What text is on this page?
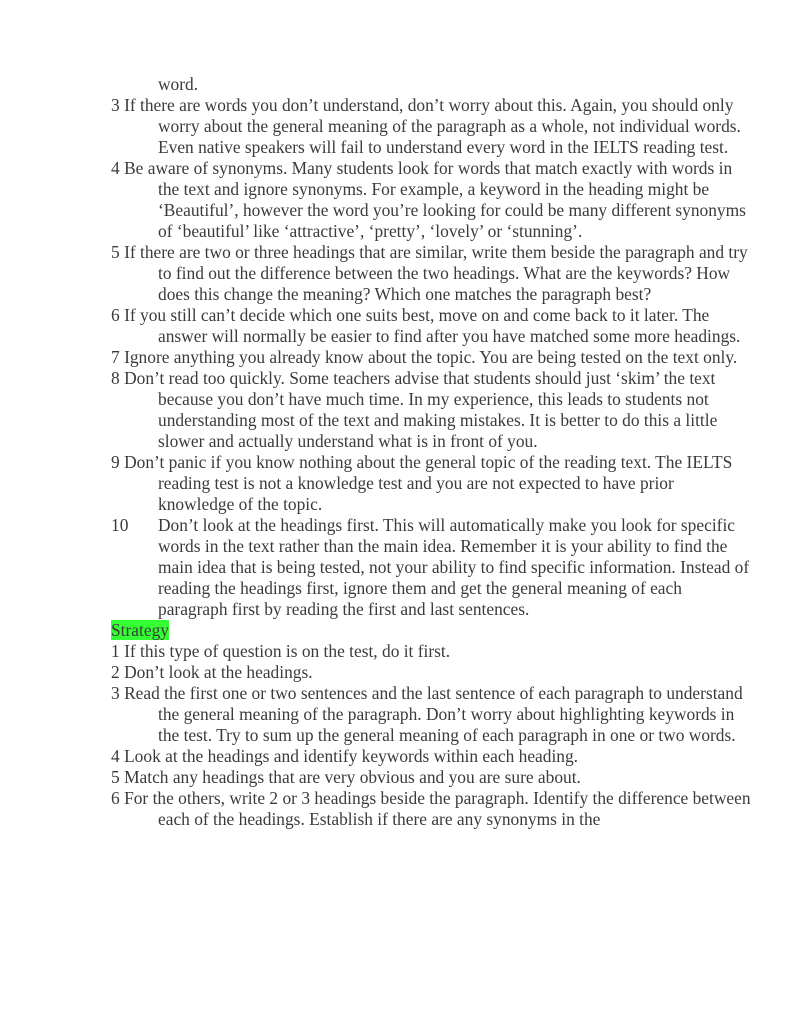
word.

3 If there are words you don’t understand, don’t worry about this. Again, you should only worry about the general meaning of the paragraph as a whole, not individual words. Even native speakers will fail to understand every word in the IELTS reading test.

4 Be aware of synonyms. Many students look for words that match exactly with words in the text and ignore synonyms. For example, a keyword in the heading might be ‘Beautiful’, however the word you’re looking for could be many different synonyms of ‘beautiful’ like ‘attractive’, ‘pretty’, ‘lovely’ or ‘stunning’.

5 If there are two or three headings that are similar, write them beside the paragraph and try to find out the difference between the two headings. What are the keywords? How does this change the meaning? Which one matches the paragraph best?

6 If you still can’t decide which one suits best, move on and come back to it later. The answer will normally be easier to find after you have matched some more headings.

7 Ignore anything you already know about the topic. You are being tested on the text only.

8 Don’t read too quickly. Some teachers advise that students should just ‘skim’ the text because you don’t have much time. In my experience, this leads to students not understanding most of the text and making mistakes. It is better to do this a little slower and actually understand what is in front of you.

9 Don’t panic if you know nothing about the general topic of the reading text. The IELTS reading test is not a knowledge test and you are not expected to have prior knowledge of the topic.

10 Don’t look at the headings first. This will automatically make you look for specific words in the text rather than the main idea. Remember it is your ability to find the main idea that is being tested, not your ability to find specific information. Instead of reading the headings first, ignore them and get the general meaning of each paragraph first by reading the first and last sentences.

Strategy

1 If this type of question is on the test, do it first.

2 Don’t look at the headings.

3 Read the first one or two sentences and the last sentence of each paragraph to understand the general meaning of the paragraph. Don’t worry about highlighting keywords in the test. Try to sum up the general meaning of each paragraph in one or two words.

4 Look at the headings and identify keywords within each heading.

5 Match any headings that are very obvious and you are sure about.

6 For the others, write 2 or 3 headings beside the paragraph. Identify the difference between each of the headings. Establish if there are any synonyms in the
